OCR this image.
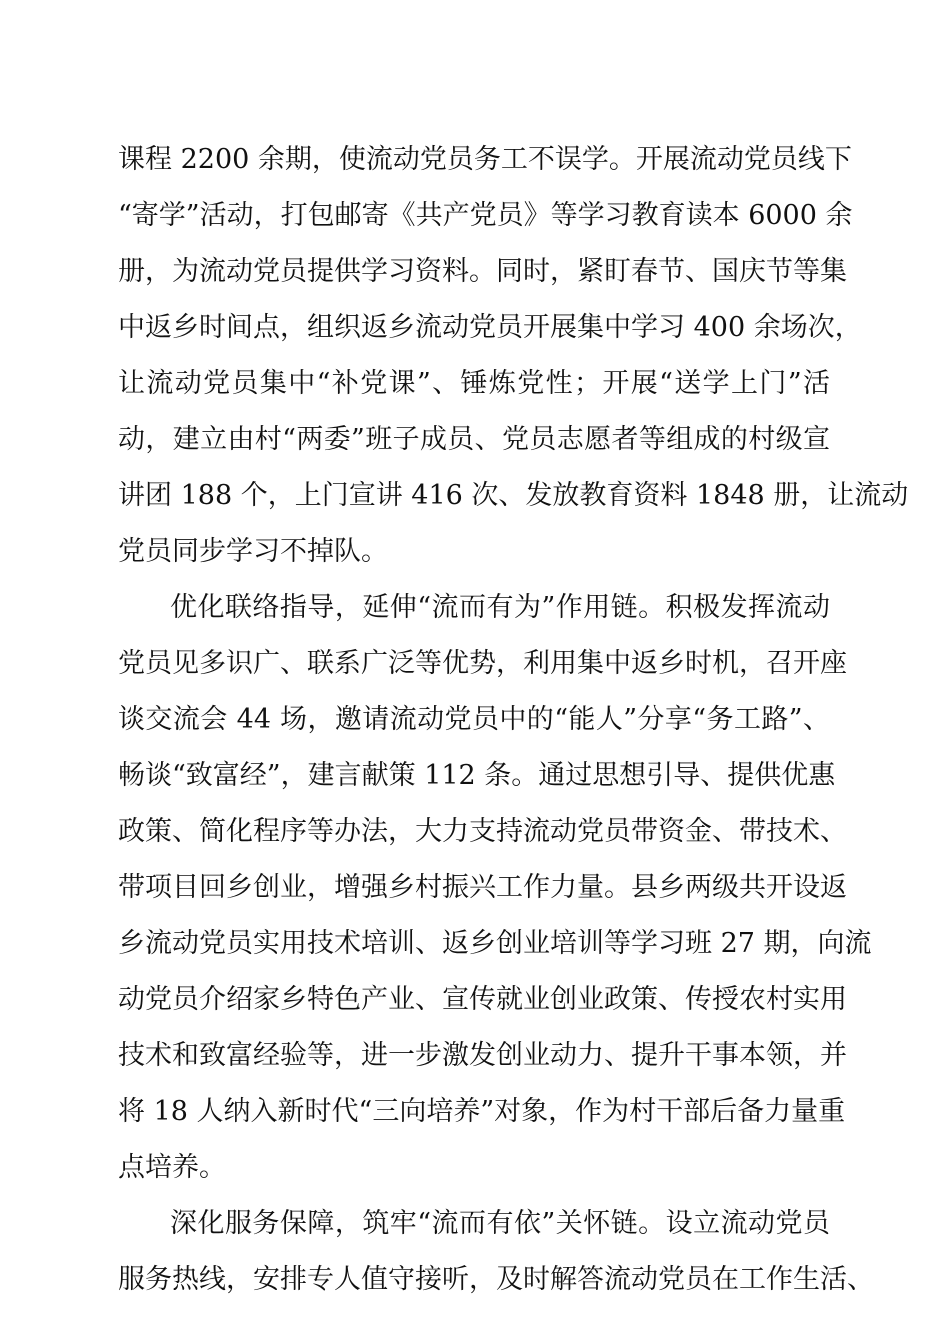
课程 2200 余期，使流动党员务工不误学。开展流动党员线下
“寄学”活动，打包邮寄《共产党员》等学习教育读本 6000 余
册，为流动党员提供学习资料。同时，紧盯春节、国庆节等集
中返乡时间点，组织返乡流动党员开展集中学习 400 余场次，
让流动党员集中“补党课”、锤炼党性；开展“送学上门”活
动，建立由村“两委”班子成员、党员志愿者等组成的村级宣
讲团 188 个，上门宣讲 416 次、发放教育资料 1848 册，让流动
党员同步学习不掉队。
优化联络指导，延伸“流而有为”作用链。积极发挥流动
党员见多识广、联系广泛等优势，利用集中返乡时机，召开座
谈交流会 44 场，邀请流动党员中的“能人”分享“务工路”、
畅谈“致富经”，建言献策 112 条。通过思想引导、提供优惠
政策、简化程序等办法，大力支持流动党员带资金、带技术、
带项目回乡创业，增强乡村振兴工作力量。县乡两级共开设返
乡流动党员实用技术培训、返乡创业培训等学习班 27 期，向流
动党员介绍家乡特色产业、宣传就业创业政策、传授农村实用
技术和致富经验等，进一步激发创业动力、提升干事本领，并
将 18 人纳入新时代“三向培养”对象，作为村干部后备力量重
点培养。
深化服务保障，筑牢“流而有依”关怀链。设立流动党员
服务热线，安排专人值守接听，及时解答流动党员在工作生活、
